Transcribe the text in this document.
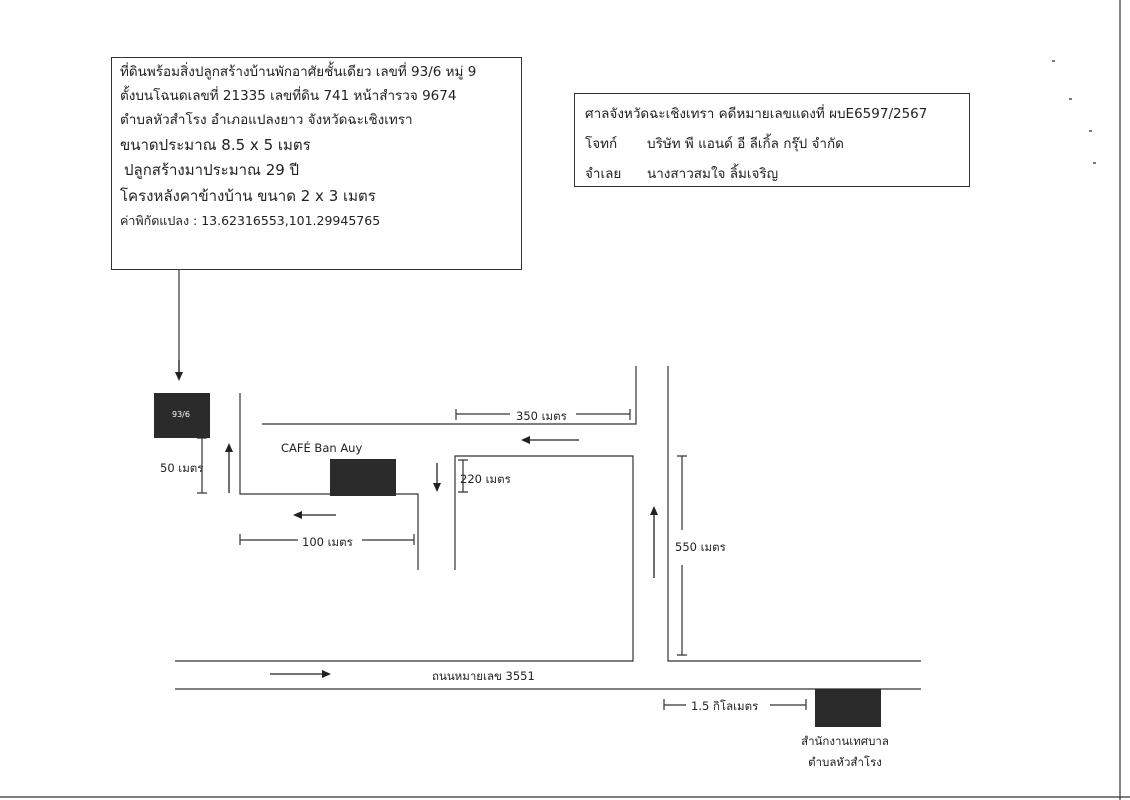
ที่ดินพร้อมสิ่งปลูกสร้างบ้านพักอาศัยชั้นเดียว เลขที่ 93/6 หมู่ 9
ตั้งบนโฉนดเลขที่ 21335 เลขที่ดิน 741 หน้าสำรวจ 9674
ตำบลหัวสำโรง อำเภอแปลงยาว จังหวัดฉะเชิงเทรา
ขนาดประมาณ 8.5 x 5 เมตร
ปลูกสร้างมาประมาณ 29 ปี
โครงหลังคาข้างบ้าน ขนาด 2 x 3 เมตร
ค่าพิกัดแปลง : 13.62316553,101.29945765
ศาลจังหวัดฉะเชิงเทรา คดีหมายเลขแดงที่ ผบE6597/2567
โจทก์	บริษัท พี แอนด์ อี ลีเกิ้ล กรุ๊ป จำกัด
จำเลย	นางสาวสมใจ ลิ้มเจริญ
93/6
CAFÉ Ban Auy
50 เมตร
100 เมตร
220 เมตร
350 เมตร
550 เมตร
1.5 กิโลเมตร
ถนนหมายเลข 3551
สำนักงานเทศบาล
ตำบลหัวสำโรง
